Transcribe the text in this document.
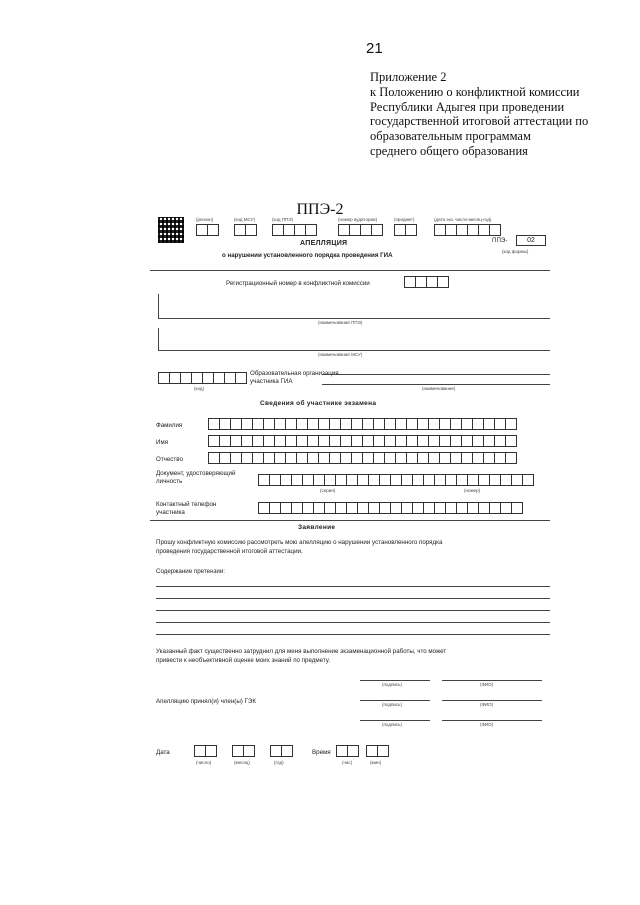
21
Приложение 2
к Положению о конфликтной комиссии
Республики Адыгея при проведении
государственной итоговой аттестации по
образовательным программам
среднего общего образования
ППЭ-2
(регион)	(код МСУ)	(код ППЭ)	(номер аудитории)	(предмет)	(дата экз. число-месяц-год)
АПЕЛЛЯЦИЯ
о нарушении установленного порядка проведения ГИА
ППЭ-	02
(код формы)
Регистрационный номер в конфликтной комиссии
(наименование ППЭ)
(наименование МСУ)
(код)
Образовательная организация
участника ГИА
(наименование)
Сведения об участнике экзамена
Фамилия
Имя
Отчество
Документ, удостоверяющий
личность
(серия)	(номер)
Контактный телефон
участника
Заявление
Прошу конфликтную комиссию рассмотреть мою апелляцию о нарушении установленного порядка
проведения государственной итоговой аттестации.
Содержание претензии:
Указанный факт существенно затруднил для меня выполнение экзаменационной работы, что может
привести к необъективной оценке моих знаний по предмету.
(подпись)	(ФИО)
Апелляцию принял(и) член(ы) ГЭК	(подпись)	(ФИО)
(подпись)	(ФИО)
Дата
(число)	(месяц)	(год)
Время
(час)	(мин)
